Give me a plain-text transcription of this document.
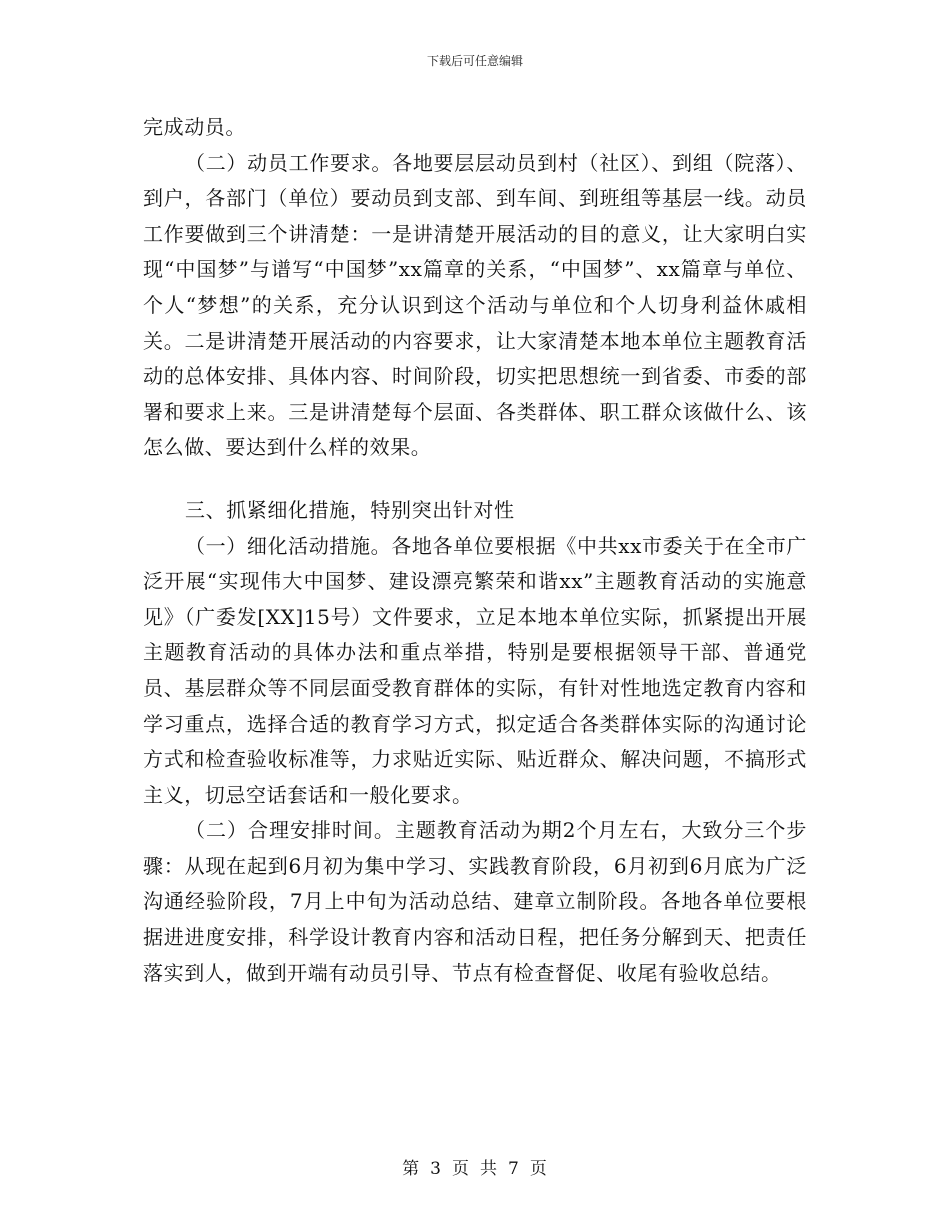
下载后可任意编辑

完成动员。

（二）动员工作要求。各地要层层动员到村（社区）、到组（院落）、到户，各部门（单位）要动员到支部、到车间、到班组等基层一线。动员工作要做到三个讲清楚：一是讲清楚开展活动的目的意义，让大家明白实现“中国梦”与谱写“中国梦”xx篇章的关系，“中国梦”、xx篇章与单位、个人“梦想”的关系，充分认识到这个活动与单位和个人切身利益休戚相关。二是讲清楚开展活动的内容要求，让大家清楚本地本单位主题教育活动的总体安排、具体内容、时间阶段，切实把思想统一到省委、市委的部署和要求上来。三是讲清楚每个层面、各类群体、职工群众该做什么、该怎么做、要达到什么样的效果。

三、抓紧细化措施，特别突出针对性

（一）细化活动措施。各地各单位要根据《中共xx市委关于在全市广泛开展“实现伟大中国梦、建设漂亮繁荣和谐xx”主题教育活动的实施意见》（广委发[XX]15号）文件要求，立足本地本单位实际，抓紧提出开展主题教育活动的具体办法和重点举措，特别是要根据领导干部、普通党员、基层群众等不同层面受教育群体的实际，有针对性地选定教育内容和学习重点，选择合适的教育学习方式，拟定适合各类群体实际的沟通讨论方式和检查验收标准等，力求贴近实际、贴近群众、解决问题，不搞形式主义，切忌空话套话和一般化要求。

（二）合理安排时间。主题教育活动为期2个月左右，大致分三个步骤：从现在起到6月初为集中学习、实践教育阶段，6月初到6月底为广泛沟通经验阶段，7月上中旬为活动总结、建章立制阶段。各地各单位要根据进进度安排，科学设计教育内容和活动日程，把任务分解到天、把责任落实到人，做到开端有动员引导、节点有检查督促、收尾有验收总结。

第 3 页 共 7 页
